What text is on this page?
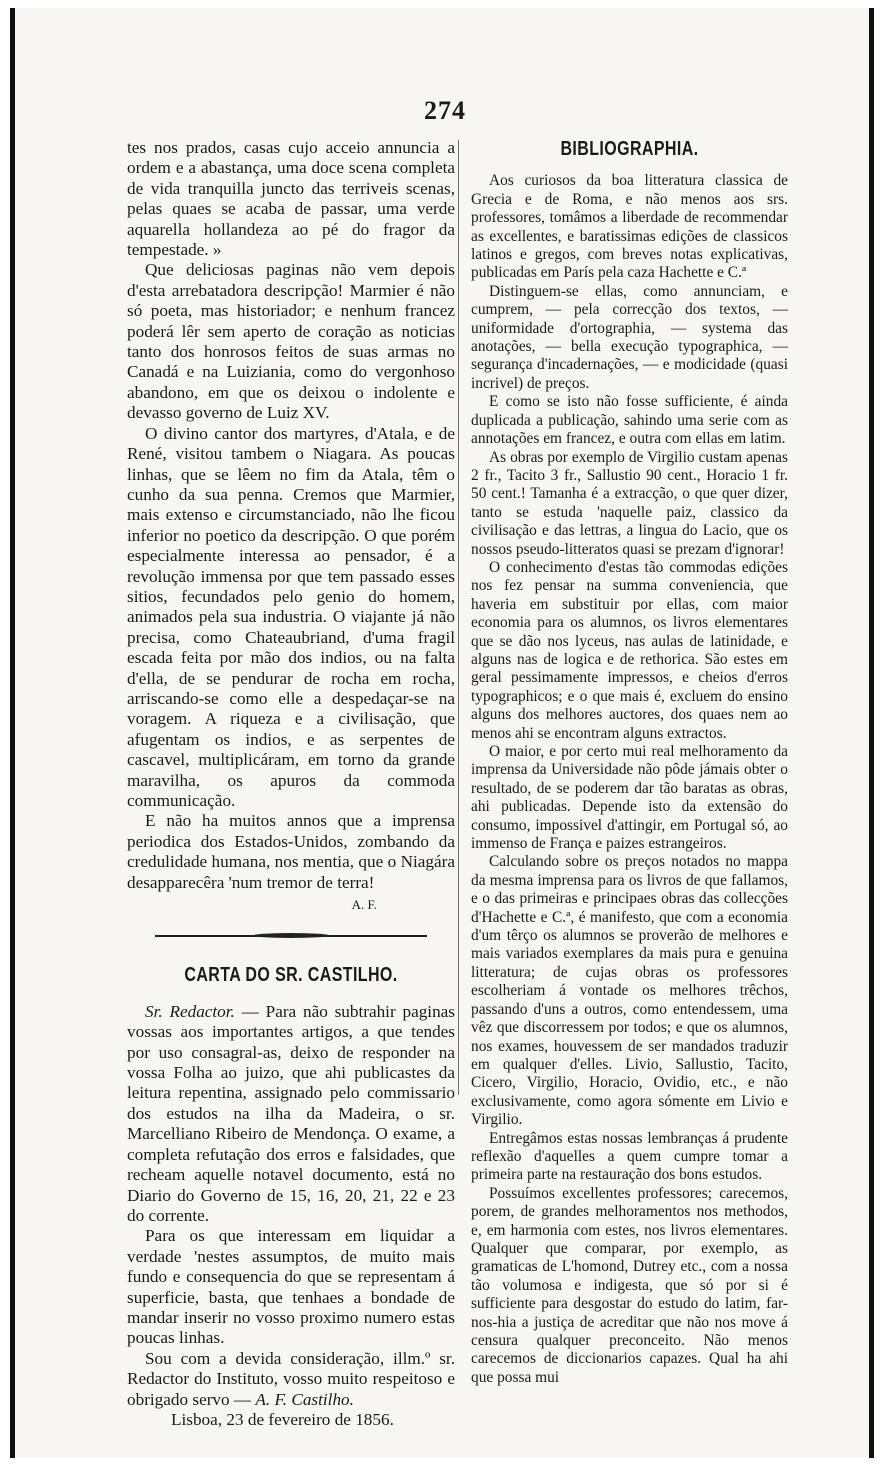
274

tes nos prados, casas cujo acceio annuncia a ordem e a abastança, uma doce scena completa de vida tranquilla juncto das terriveis scenas, pelas quaes se acaba de passar, uma verde aquarella hollandeza ao pé do fragor da tempestade. »

Que deliciosas paginas não vem depois d'esta arrebatadora descripção! Marmier é não só poeta, mas historiador; e nenhum francez poderá lêr sem aperto de coração as noticias tanto dos honrosos feitos de suas armas no Canadá e na Luiziania, como do vergonhoso abandono, em que os deixou o indolente e devasso governo de Luiz XV.

O divino cantor dos martyres, d'Atala, e de René, visitou tambem o Niagara. As poucas linhas, que se lêem no fim da Atala, têm o cunho da sua penna. Cremos que Marmier, mais extenso e circumstanciado, não lhe ficou inferior no poetico da descripção. O que porém especialmente interessa ao pensador, é a revolução immensa por que tem passado esses sitios, fecundados pelo genio do homem, animados pela sua industria. O viajante já não precisa, como Chateaubriand, d'uma fragil escada feita por mão dos indios, ou na falta d'ella, de se pendurar de rocha em rocha, arriscando-se como elle a despedaçar-se na voragem. A riqueza e a civilisação, que afugentam os indios, e as serpentes de cascavel, multiplicáram, em torno da grande maravilha, os apuros da commoda communicação.

E não ha muitos annos que a imprensa periodica dos Estados-Unidos, zombando da credulidade humana, nos mentia, que o Niagára desapparecêra 'num tremor de terra!

A. F.

CARTA DO SR. CASTILHO.

Sr. Redactor. — Para não subtrahir paginas vossas aos importantes artigos, a que tendes por uso consagral-as, deixo de responder na vossa Folha ao juizo, que ahi publicastes da leitura repentina, assignado pelo commissario dos estudos na ilha da Madeira, o sr. Marcelliano Ribeiro de Mendonça. O exame, a completa refutação dos erros e falsidades, que recheam aquelle notavel documento, está no Diario do Governo de 15, 16, 20, 21, 22 e 23 do corrente.

Para os que interessam em liquidar a verdade 'nestes assumptos, de muito mais fundo e consequencia do que se representam á superficie, basta, que tenhaes a bondade de mandar inserir no vosso proximo numero estas poucas linhas.

Sou com a devida consideração, illm.º sr. Redactor do Instituto, vosso muito respeitoso e obrigado servo — A. F. Castilho.

Lisboa, 23 de fevereiro de 1856.

BIBLIOGRAPHIA.

Aos curiosos da boa litteratura classica de Grecia e de Roma, e não menos aos srs. professores, tomâmos a liberdade de recommendar as excellentes, e baratissimas edições de classicos latinos e gregos, com breves notas explicativas, publicadas em París pela caza Hachette e C.ª

Distinguem-se ellas, como annunciam, e cumprem, — pela correcção dos textos, — uniformidade d'ortographia, — systema das anotações, — bella execução typographica, — segurança d'incadernações, — e modicidade (quasi incrivel) de preços.

E como se isto não fosse sufficiente, é ainda duplicada a publicação, sahindo uma serie com as annotações em francez, e outra com ellas em latim.

As obras por exemplo de Virgilio custam apenas 2 fr., Tacito 3 fr., Sallustio 90 cent., Horacio 1 fr. 50 cent.! Tamanha é a extracção, o que quer dizer, tanto se estuda 'naquelle paiz, classico da civilisação e das lettras, a lingua do Lacio, que os nossos pseudo-litteratos quasi se prezam d'ignorar!

O conhecimento d'estas tão commodas edições nos fez pensar na summa conveniencia, que haveria em substituir por ellas, com maior economia para os alumnos, os livros elementares que se dão nos lyceus, nas aulas de latinidade, e alguns nas de logica e de rethorica. São estes em geral pessimamente impressos, e cheios d'erros typographicos; e o que mais é, excluem do ensino alguns dos melhores auctores, dos quaes nem ao menos ahi se encontram alguns extractos.

O maior, e por certo mui real melhoramento da imprensa da Universidade não pôde jámais obter o resultado, de se poderem dar tão baratas as obras, ahi publicadas. Depende isto da extensão do consumo, impossivel d'attingir, em Portugal só, ao immenso de França e paizes estrangeiros.

Calculando sobre os preços notados no mappa da mesma imprensa para os livros de que fallamos, e o das primeiras e principaes obras das collecções d'Hachette e C.ª, é manifesto, que com a economia d'um têrço os alumnos se proverão de melhores e mais variados exemplares da mais pura e genuina litteratura; de cujas obras os professores escolheriam á vontade os melhores trêchos, passando d'uns a outros, como entendessem, uma vêz que discorressem por todos; e que os alumnos, nos exames, houvessem de ser mandados traduzir em qualquer d'elles. Livio, Sallustio, Tacito, Cicero, Virgilio, Horacio, Ovidio, etc., e não exclusivamente, como agora sómente em Livio e Virgilio.

Entregâmos estas nossas lembranças á prudente reflexão d'aquelles a quem cumpre tomar a primeira parte na restauração dos bons estudos.

Possuímos excellentes professores; carecemos, porem, de grandes melhoramentos nos methodos, e, em harmonia com estes, nos livros elementares. Qualquer que comparar, por exemplo, as gramaticas de L'homond, Dutrey etc., com a nossa tão volumosa e indigesta, que só por si é sufficiente para desgostar do estudo do latim, far-nos-hia a justiça de acreditar que não nos move á censura qualquer preconceito. Não menos carecemos de diccionarios capazes. Qual ha ahi que possa mui
